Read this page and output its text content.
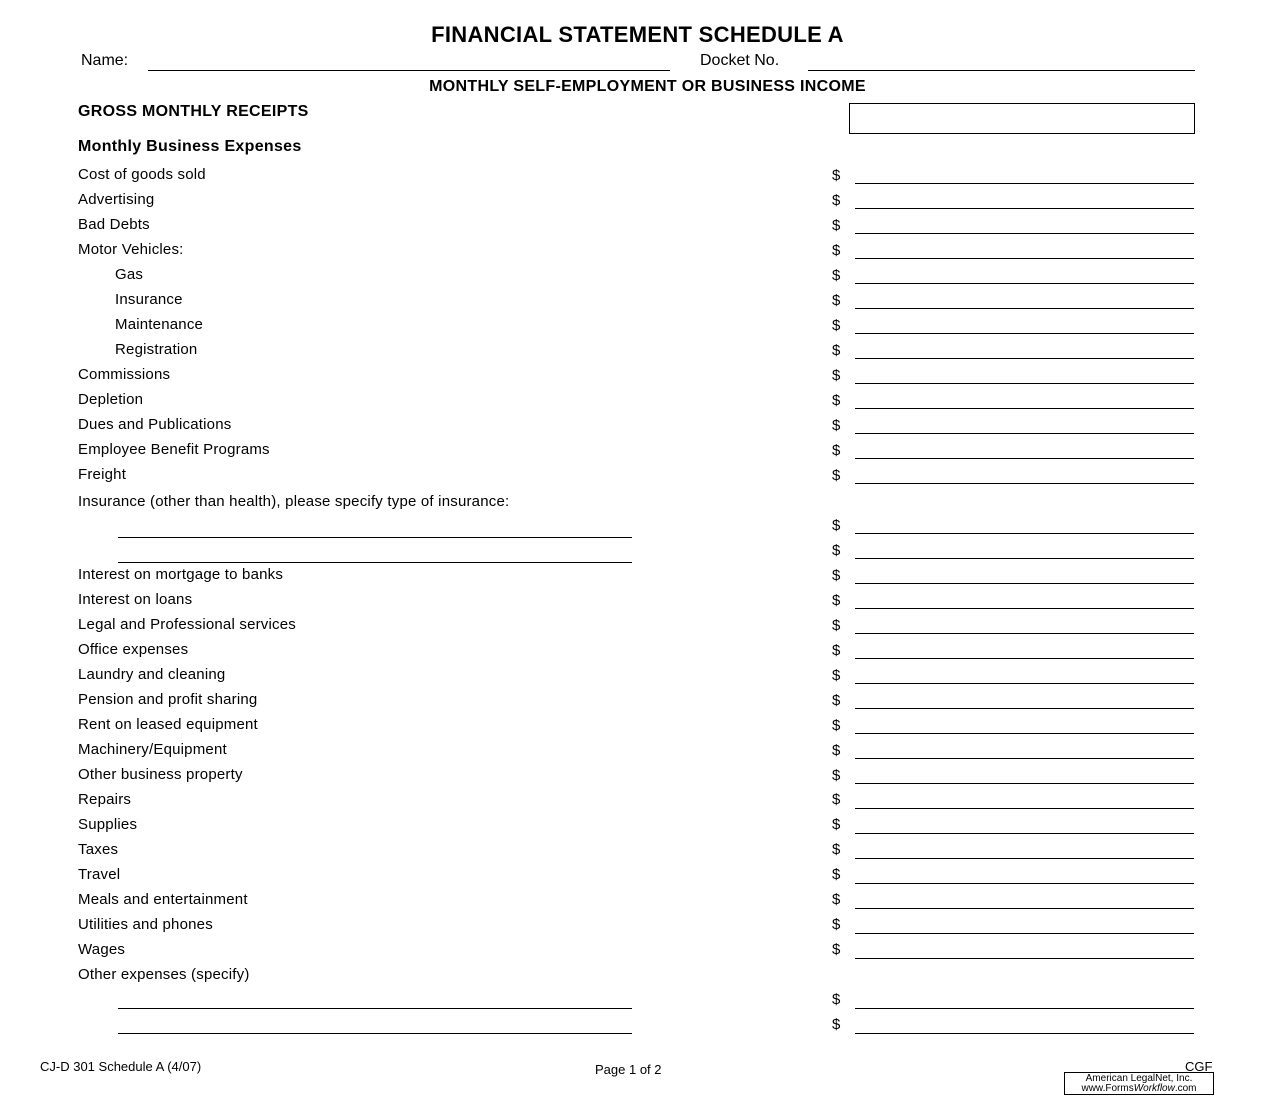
FINANCIAL STATEMENT SCHEDULE A
Name:	Docket No.
MONTHLY SELF-EMPLOYMENT OR BUSINESS INCOME
GROSS MONTHLY RECEIPTS
Monthly Business Expenses
Cost of goods sold	$
Advertising	$
Bad Debts	$
Motor Vehicles:	$
Gas	$
Insurance	$
Maintenance	$
Registration	$
Commissions	$
Depletion	$
Dues and Publications	$
Employee Benefit Programs	$
Freight	$
Insurance (other than health), please specify type of insurance:
$
$
Interest on mortgage to banks	$
Interest on loans	$
Legal and Professional services	$
Office expenses	$
Laundry and cleaning	$
Pension and profit sharing	$
Rent on leased equipment	$
Machinery/Equipment	$
Other business property	$
Repairs	$
Supplies	$
Taxes	$
Travel	$
Meals and entertainment	$
Utilities and phones	$
Wages	$
Other expenses (specify)
$
$
CJ-D 301 Schedule A (4/07)	Page 1 of 2	CGF
American LegalNet, Inc.
www.FormsWorkflow.com
